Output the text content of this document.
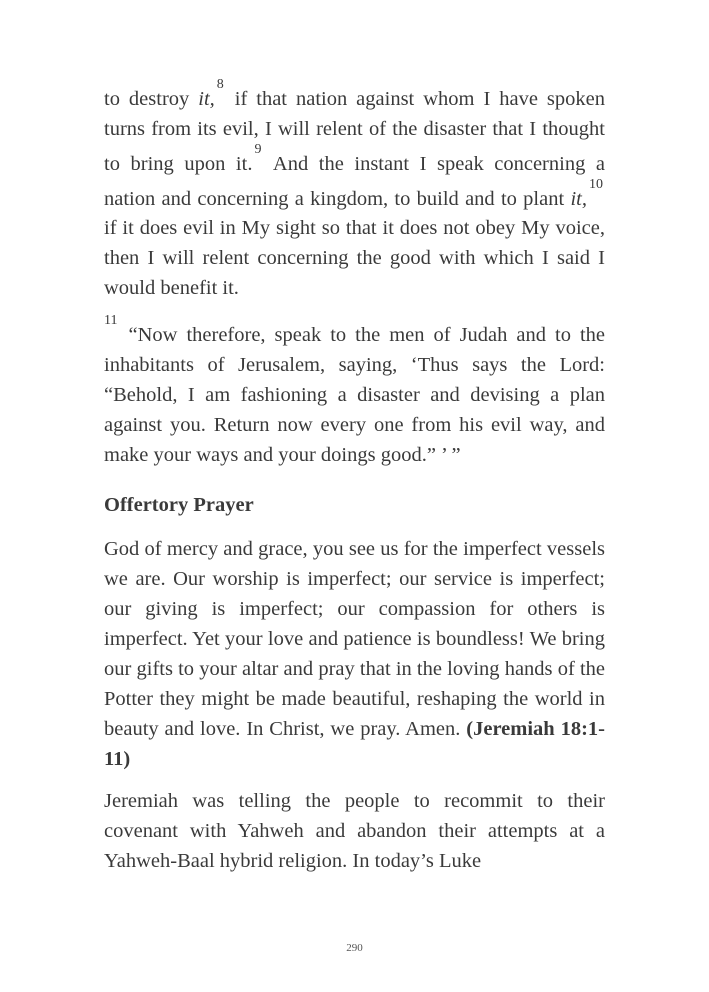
to destroy it,$^8$ if that nation against whom I have spoken turns from its evil, I will relent of the disaster that I thought to bring upon it.$^9$ And the instant I speak concerning a nation and concerning a kingdom, to build and to plant it,$^{10}$ if it does evil in My sight so that it does not obey My voice, then I will relent concerning the good with which I said I would benefit it.

$^{11}$ “Now therefore, speak to the men of Judah and to the inhabitants of Jerusalem, saying, ‘Thus says the Lord: “Behold, I am fashioning a disaster and devising a plan against you. Return now every one from his evil way, and make your ways and your doings good.” ’ ”

Offertory Prayer

God of mercy and grace, you see us for the imperfect vessels we are. Our worship is imperfect; our service is imperfect; our giving is imperfect; our compassion for others is imperfect. Yet your love and patience is boundless! We bring our gifts to your altar and pray that in the loving hands of the Potter they might be made beautiful, reshaping the world in beauty and love. In Christ, we pray. Amen. (Jeremiah 18:1-11)

Jeremiah was telling the people to recommit to their covenant with Yahweh and abandon their attempts at a Yahweh-Baal hybrid religion. In today’s Luke

290
